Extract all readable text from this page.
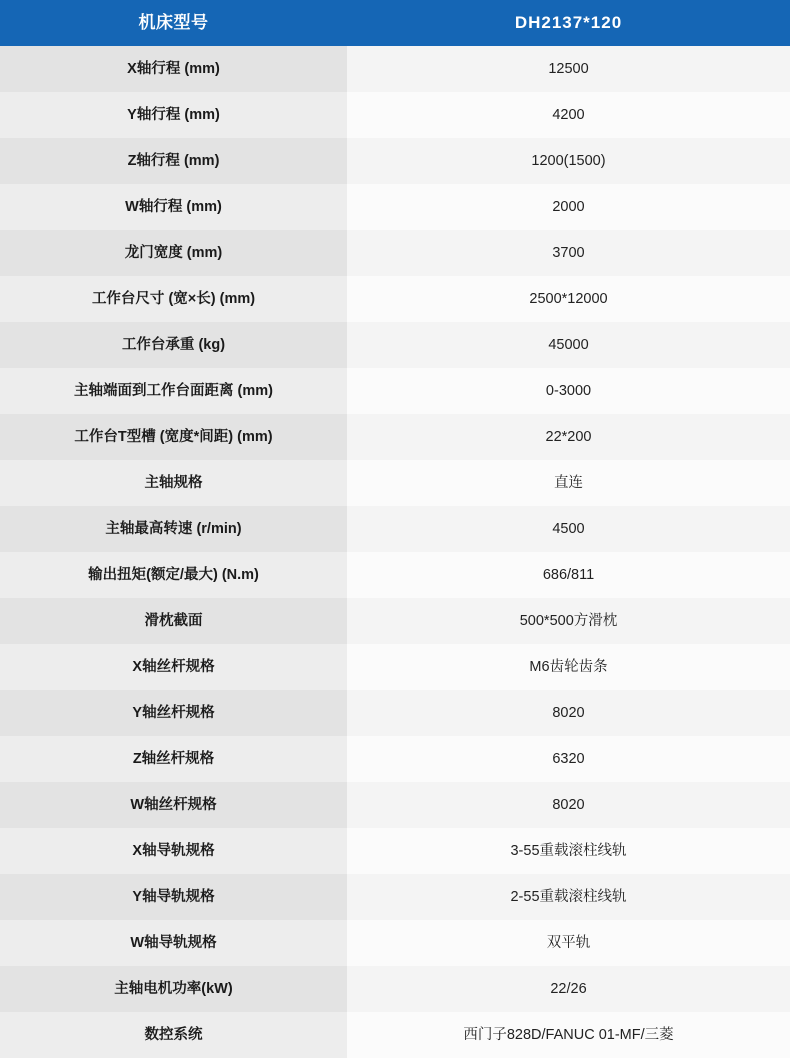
机床型号	DH2137*120
X轴行程 (mm)	12500
Y轴行程 (mm)	4200
Z轴行程 (mm)	1200(1500)
W轴行程 (mm)	2000
龙门宽度 (mm)	3700
工作台尺寸 (宽×长) (mm)	2500*12000
工作台承重 (kg)	45000
主轴端面到工作台面距离 (mm)	0-3000
工作台T型槽 (宽度*间距) (mm)	22*200
主轴规格	直连
主轴最高转速 (r/min)	4500
输出扭矩(额定/最大) (N.m)	686/811
滑枕截面	500*500方滑枕
X轴丝杆规格	M6齿轮齿条
Y轴丝杆规格	8020
Z轴丝杆规格	6320
W轴丝杆规格	8020
X轴导轨规格	3-55重载滚柱线轨
Y轴导轨规格	2-55重载滚柱线轨
W轴导轨规格	双平轨
主轴电机功率(kW)	22/26
数控系统	西门子828D/FANUC 01-MF/三菱
